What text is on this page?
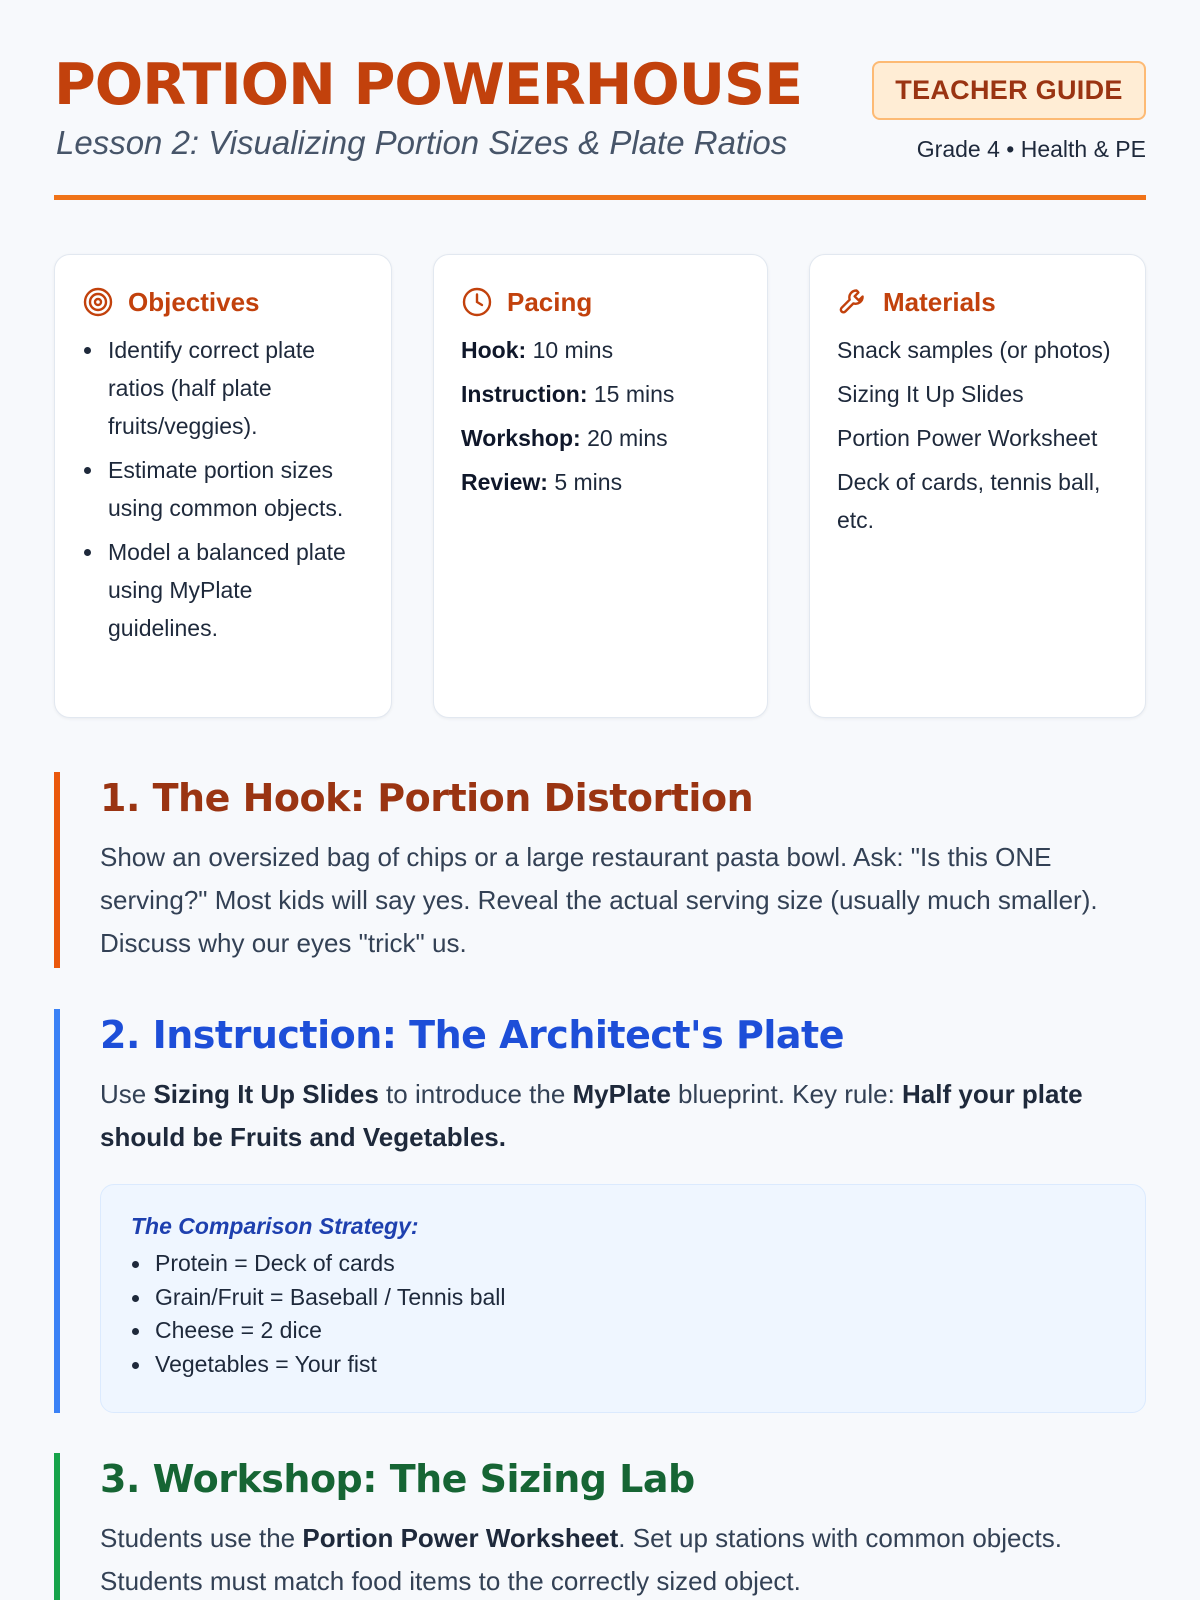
PORTION POWERHOUSE
Lesson 2: Visualizing Portion Sizes & Plate Ratios
TEACHER GUIDE
Grade 4 • Health & PE
Objectives
Identify correct plate ratios (half plate fruits/veggies).
Estimate portion sizes using common objects.
Model a balanced plate using MyPlate guidelines.
Pacing
Hook: 10 mins
Instruction: 15 mins
Workshop: 20 mins
Review: 5 mins
Materials
Snack samples (or photos)
Sizing It Up Slides
Portion Power Worksheet
Deck of cards, tennis ball, etc.
1. The Hook: Portion Distortion

Show an oversized bag of chips or a large restaurant pasta bowl. Ask: "Is this ONE serving?" Most kids will say yes. Reveal the actual serving size (usually much smaller). Discuss why our eyes "trick" us.

2. Instruction: The Architect's Plate

Use Sizing It Up Slides to introduce the MyPlate blueprint. Key rule: Half your plate should be Fruits and Vegetables.

The Comparison Strategy:
Protein = Deck of cards
Grain/Fruit = Baseball / Tennis ball
Cheese = 2 dice
Vegetables = Your fist
3. Workshop: The Sizing Lab

Students use the Portion Power Worksheet. Set up stations with common objects. Students must match food items to the correctly sized object.
